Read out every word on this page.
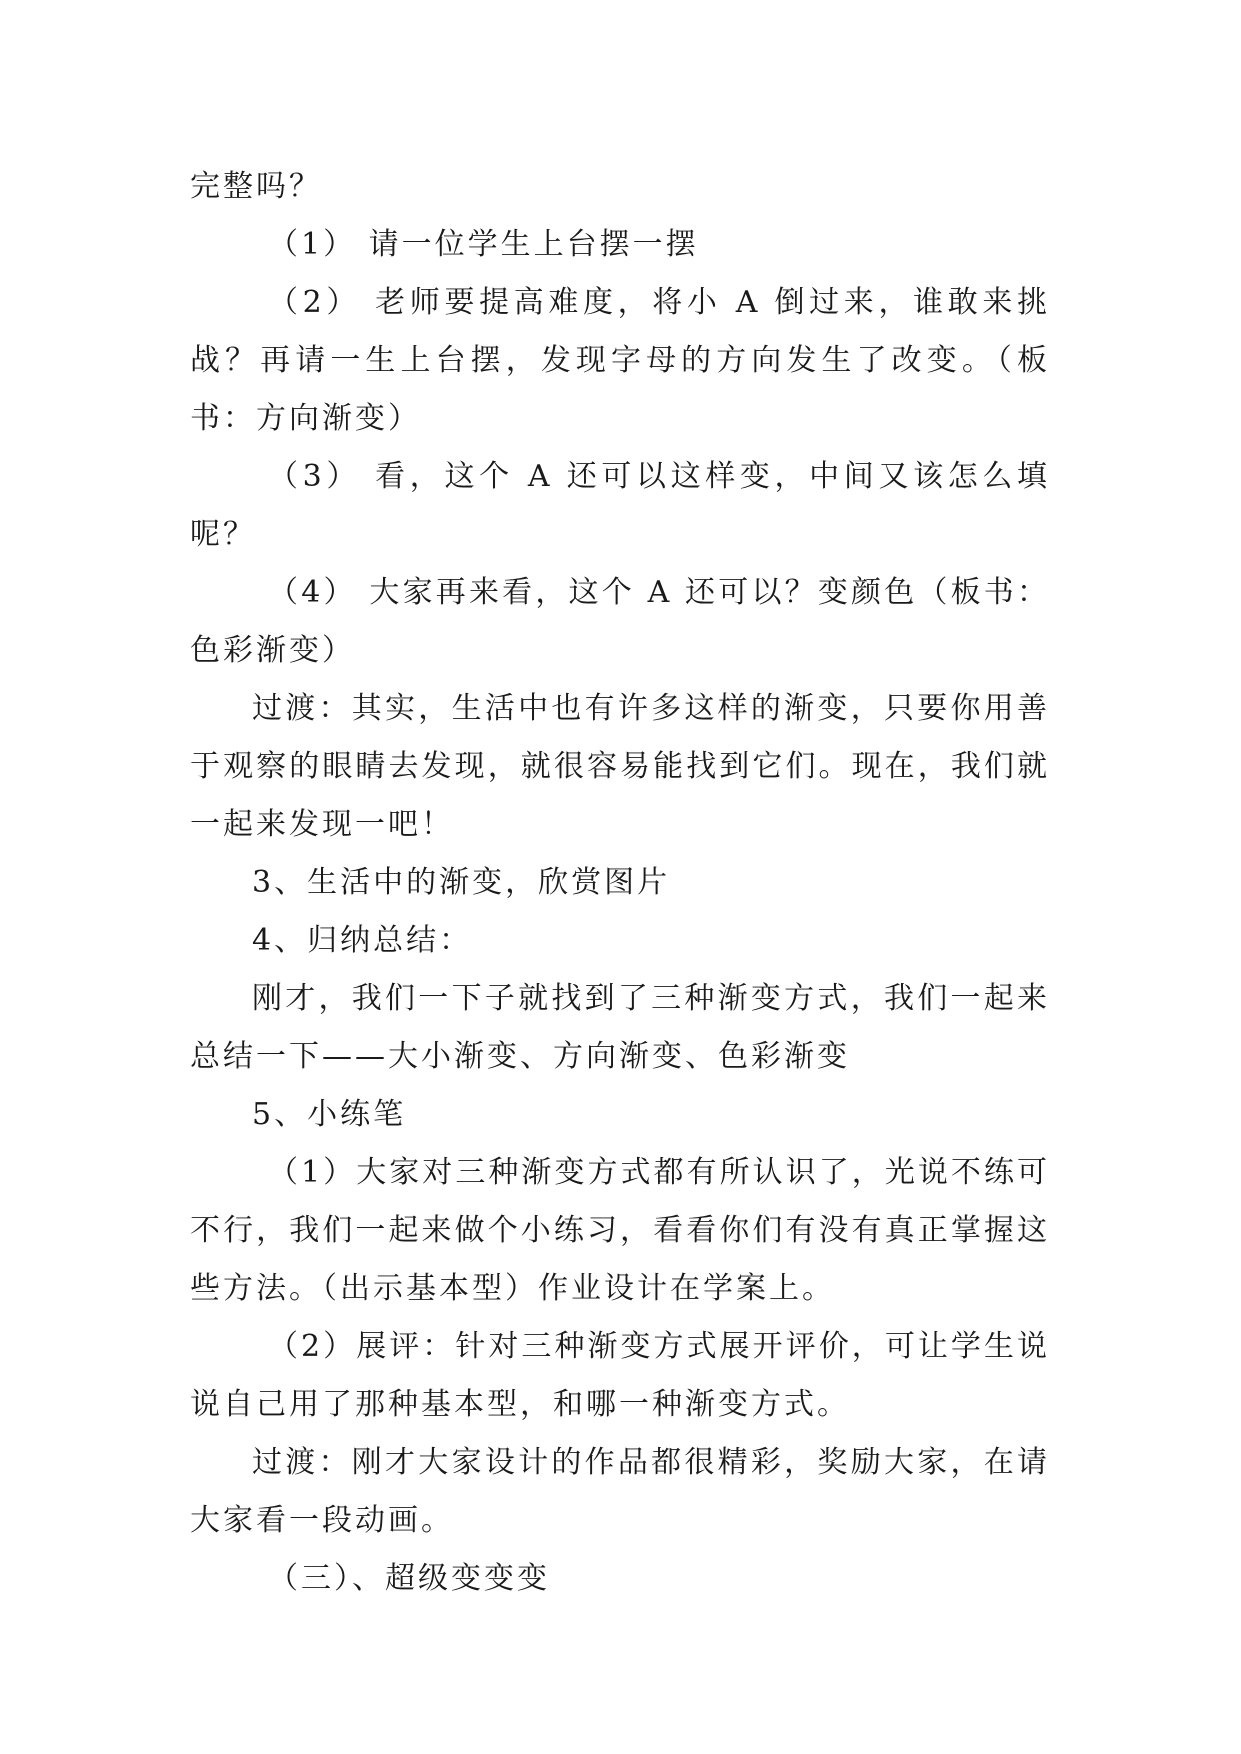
完整吗？

（1） 请一位学生上台摆一摆

（2） 老师要提高难度，将小 A 倒过来，谁敢来挑战？再请一生上台摆，发现字母的方向发生了改变。（板书：方向渐变）

（3） 看，这个 A 还可以这样变，中间又该怎么填呢？

（4） 大家再来看，这个 A 还可以？变颜色（板书：色彩渐变）

过渡：其实，生活中也有许多这样的渐变，只要你用善于观察的眼睛去发现，就很容易能找到它们。现在，我们就一起来发现一吧！

3、生活中的渐变，欣赏图片

4、归纳总结：

刚才，我们一下子就找到了三种渐变方式，我们一起来总结一下——大小渐变、方向渐变、色彩渐变

5、小练笔

（1）大家对三种渐变方式都有所认识了，光说不练可不行，我们一起来做个小练习，看看你们有没有真正掌握这些方法。（出示基本型）作业设计在学案上。

（2）展评：针对三种渐变方式展开评价，可让学生说说自己用了那种基本型，和哪一种渐变方式。

过渡：刚才大家设计的作品都很精彩，奖励大家，在请大家看一段动画。

（三）、超级变变变
